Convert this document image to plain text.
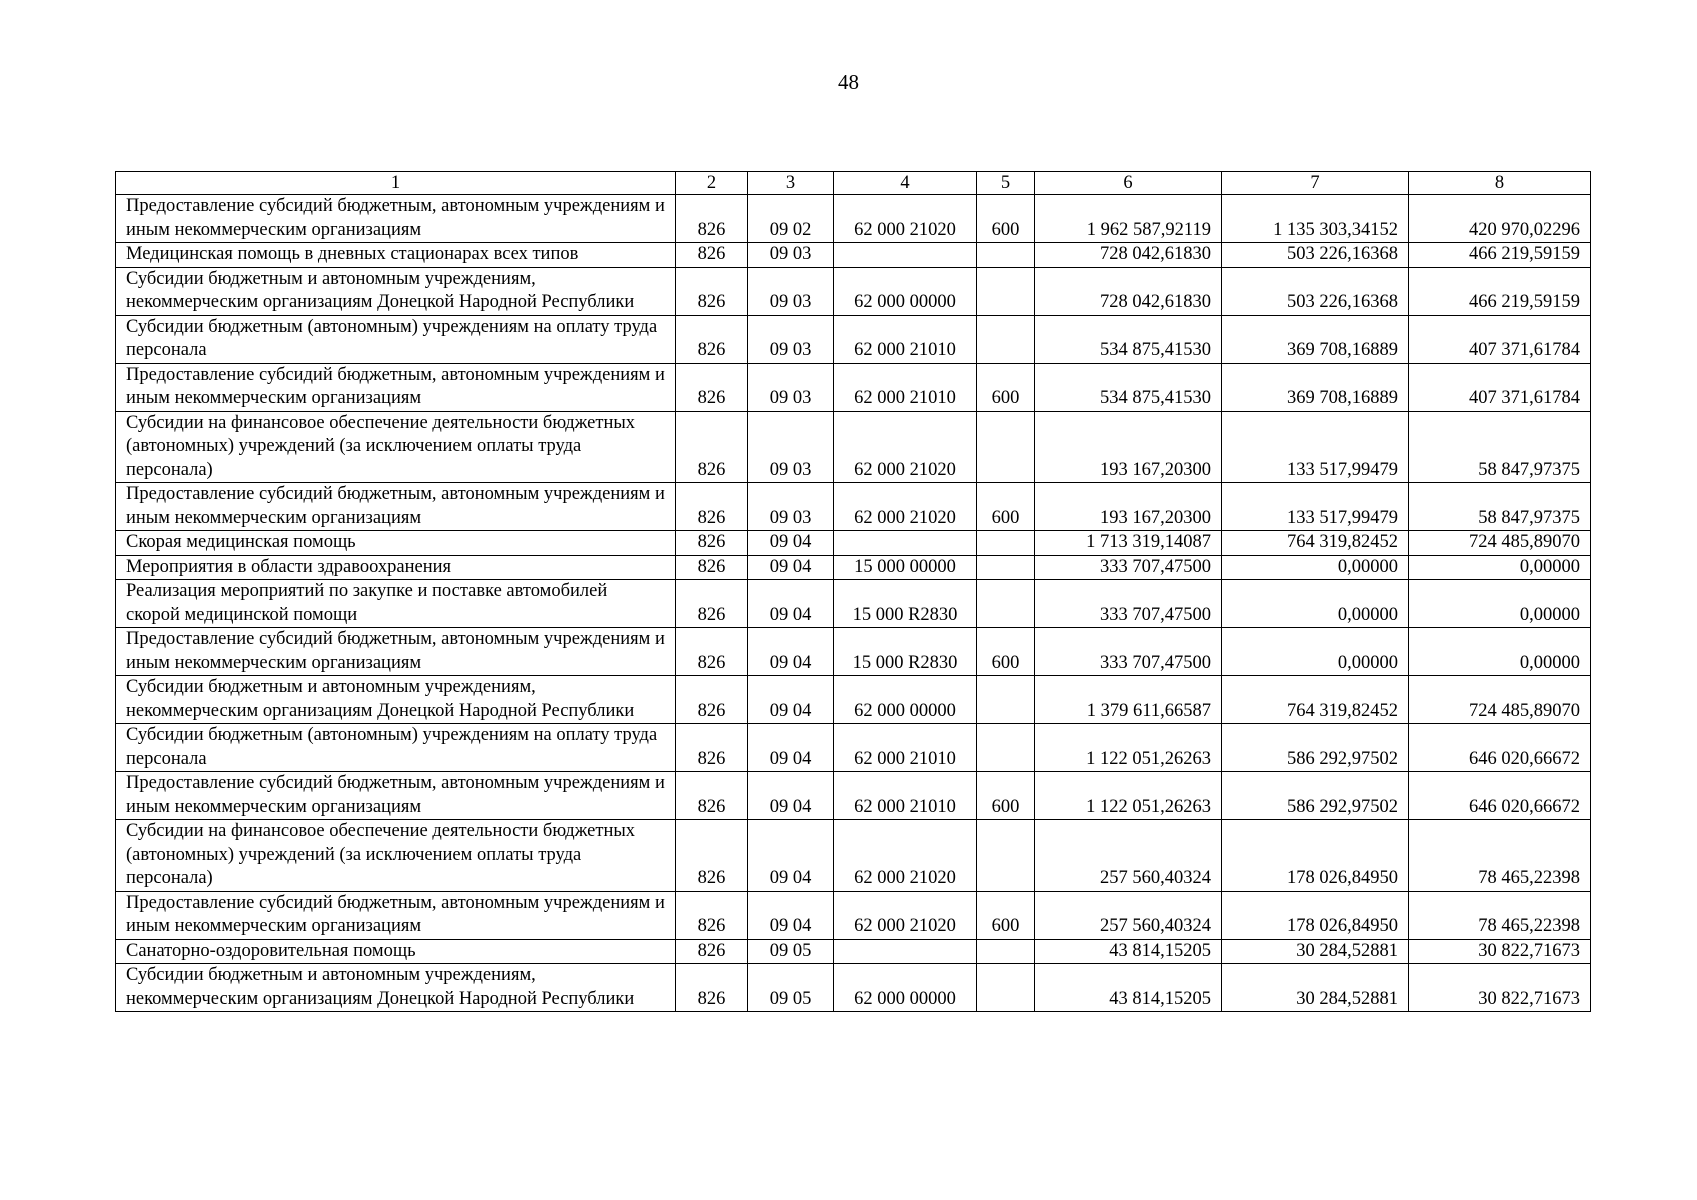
48
1	2	3	4	5	6	7	8
Предоставление субсидий бюджетным, автономным учреждениям и иным некоммерческим организациям	826	09 02	62 000 21020	600	1 962 587,92119	1 135 303,34152	420 970,02296
Медицинская помощь в дневных стационарах всех типов	826	09 03			728 042,61830	503 226,16368	466 219,59159
Субсидии бюджетным и автономным учреждениям, некоммерческим организациям Донецкой Народной Республики	826	09 03	62 000 00000		728 042,61830	503 226,16368	466 219,59159
Субсидии бюджетным (автономным) учреждениям на оплату труда персонала	826	09 03	62 000 21010		534 875,41530	369 708,16889	407 371,61784
Предоставление субсидий бюджетным, автономным учреждениям и иным некоммерческим организациям	826	09 03	62 000 21010	600	534 875,41530	369 708,16889	407 371,61784
Субсидии на финансовое обеспечение деятельности бюджетных (автономных) учреждений (за исключением оплаты труда персонала)	826	09 03	62 000 21020		193 167,20300	133 517,99479	58 847,97375
Предоставление субсидий бюджетным, автономным учреждениям и иным некоммерческим организациям	826	09 03	62 000 21020	600	193 167,20300	133 517,99479	58 847,97375
Скорая медицинская помощь	826	09 04			1 713 319,14087	764 319,82452	724 485,89070
Мероприятия в области здравоохранения	826	09 04	15 000 00000		333 707,47500	0,00000	0,00000
Реализация мероприятий по закупке и поставке автомобилей скорой медицинской помощи	826	09 04	15 000 R2830		333 707,47500	0,00000	0,00000
Предоставление субсидий бюджетным, автономным учреждениям и иным некоммерческим организациям	826	09 04	15 000 R2830	600	333 707,47500	0,00000	0,00000
Субсидии бюджетным и автономным учреждениям, некоммерческим организациям Донецкой Народной Республики	826	09 04	62 000 00000		1 379 611,66587	764 319,82452	724 485,89070
Субсидии бюджетным (автономным) учреждениям на оплату труда персонала	826	09 04	62 000 21010		1 122 051,26263	586 292,97502	646 020,66672
Предоставление субсидий бюджетным, автономным учреждениям и иным некоммерческим организациям	826	09 04	62 000 21010	600	1 122 051,26263	586 292,97502	646 020,66672
Субсидии на финансовое обеспечение деятельности бюджетных (автономных) учреждений (за исключением оплаты труда персонала)	826	09 04	62 000 21020		257 560,40324	178 026,84950	78 465,22398
Предоставление субсидий бюджетным, автономным учреждениям и иным некоммерческим организациям	826	09 04	62 000 21020	600	257 560,40324	178 026,84950	78 465,22398
Санаторно-оздоровительная помощь	826	09 05			43 814,15205	30 284,52881	30 822,71673
Субсидии бюджетным и автономным учреждениям, некоммерческим организациям Донецкой Народной Республики	826	09 05	62 000 00000		43 814,15205	30 284,52881	30 822,71673
